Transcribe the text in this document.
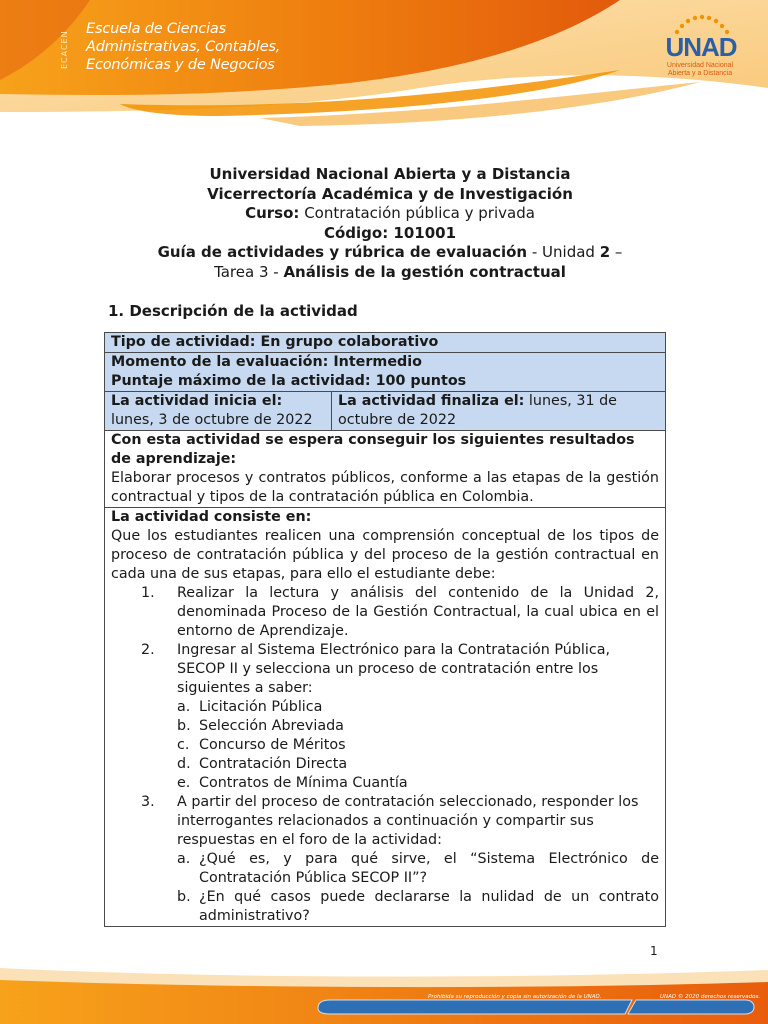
ECACEN
Escuela de Ciencias
Administrativas, Contables,
Económicas y de Negocios
UNAD
Universidad Nacional
Abierta y a Distancia
Universidad Nacional Abierta y a Distancia
Vicerrectoría Académica y de Investigación
Curso: Contratación pública y privada
Código: 101001
Guía de actividades y rúbrica de evaluación - Unidad 2 –
Tarea 3 - Análisis de la gestión contractual
1. Descripción de la actividad
Tipo de actividad: En grupo colaborativo
Momento de la evaluación: Intermedio
Puntaje máximo de la actividad: 100 puntos
La actividad inicia el: lunes, 3 de octubre de 2022
La actividad finaliza el: lunes, 31 de octubre de 2022
Con esta actividad se espera conseguir los siguientes resultados de aprendizaje:
Elaborar procesos y contratos públicos, conforme a las etapas de la gestión contractual y tipos de la contratación pública en Colombia.
La actividad consiste en:
Que los estudiantes realicen una comprensión conceptual de los tipos de proceso de contratación pública y del proceso de la gestión contractual en cada una de sus etapas, para ello el estudiante debe:
1. Realizar la lectura y análisis del contenido de la Unidad 2, denominada Proceso de la Gestión Contractual, la cual ubica en el entorno de Aprendizaje.
2. Ingresar al Sistema Electrónico para la Contratación Pública, SECOP II y selecciona un proceso de contratación entre los siguientes a saber:
a. Licitación Pública
b. Selección Abreviada
c. Concurso de Méritos
d. Contratación Directa
e. Contratos de Mínima Cuantía
3. A partir del proceso de contratación seleccionado, responder los interrogantes relacionados a continuación y compartir sus respuestas en el foro de la actividad:
a. ¿Qué es, y para qué sirve, el “Sistema Electrónico de Contratación Pública SECOP II”?
b. ¿En qué casos puede declararse la nulidad de un contrato administrativo?
1
Prohibida su reproducción y copia sin autorización de la UNAD.	UNAD © 2020 derechos reservados.
